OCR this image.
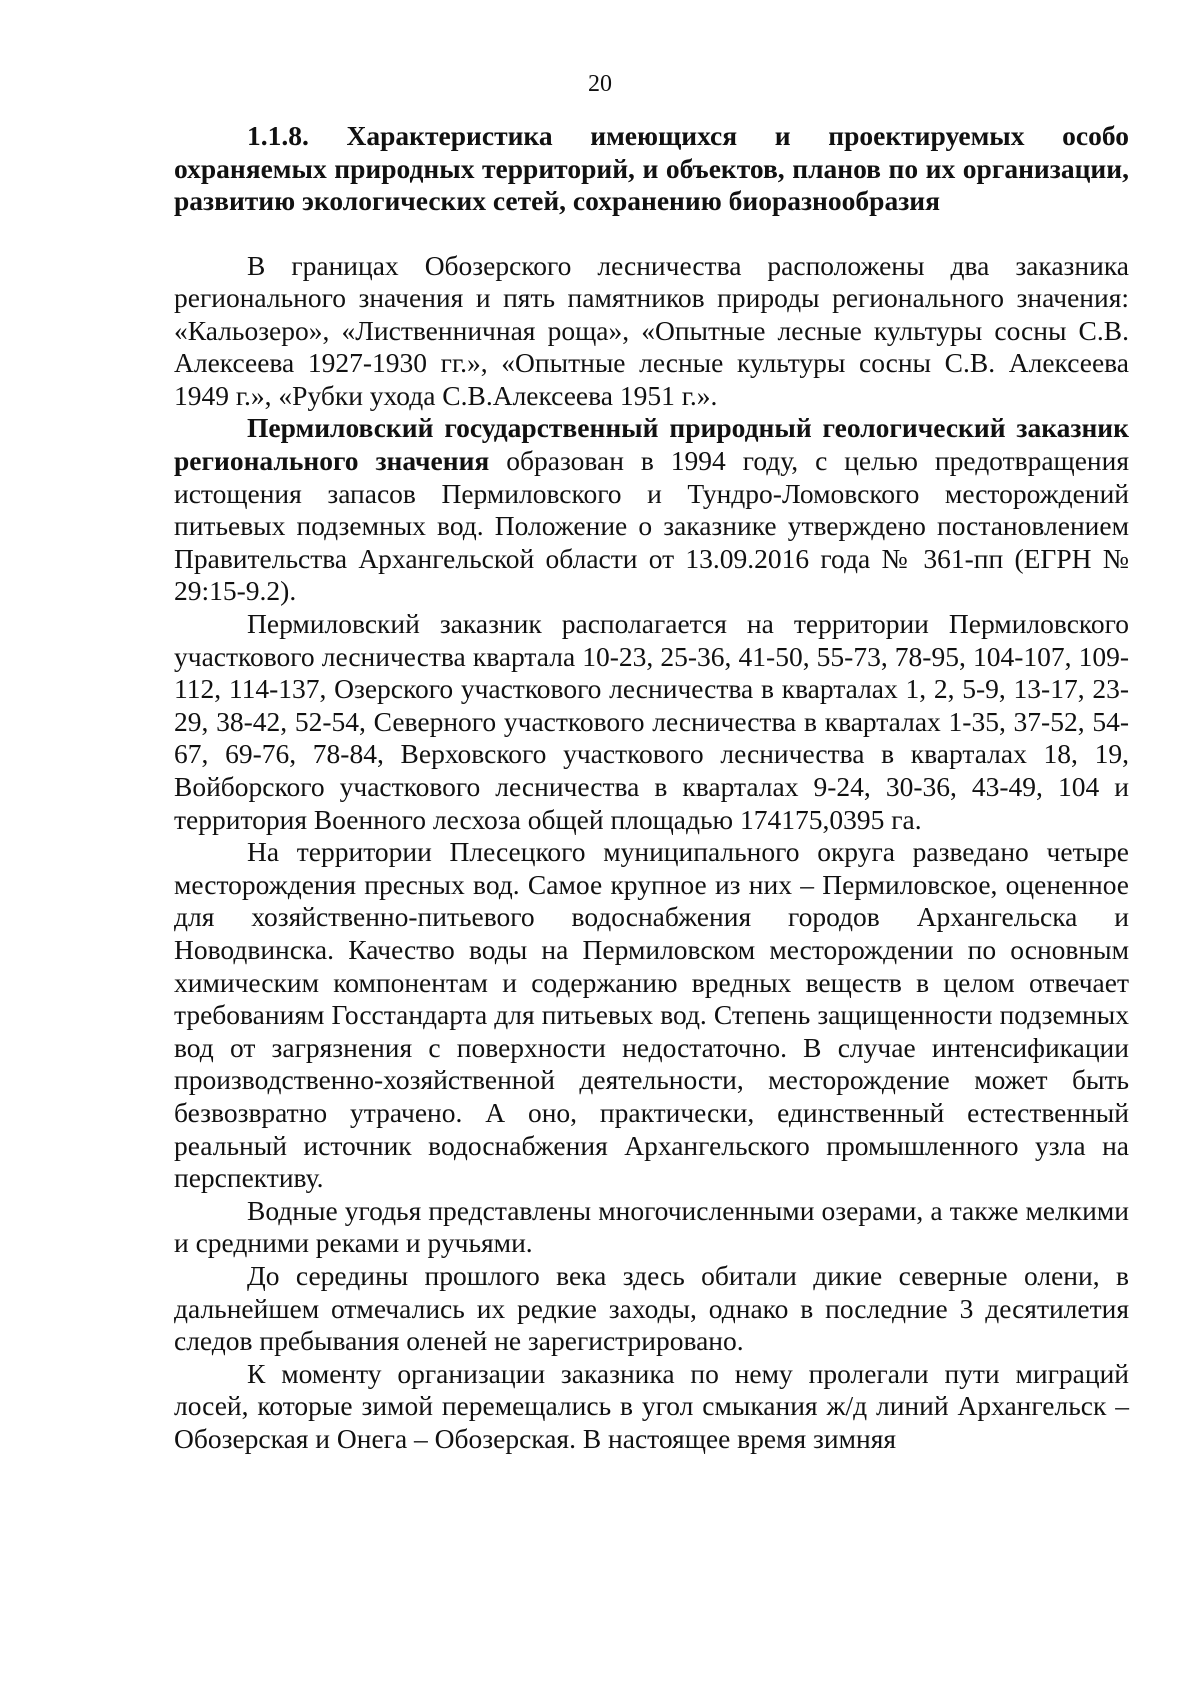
20

1.1.8. Характеристика имеющихся и проектируемых особо охраняемых природных территорий, и объектов, планов по их организации, развитию экологических сетей, сохранению биоразнообразия

В границах Обозерского лесничества расположены два заказника регионального значения и пять памятников природы регионального значения: «Кальозеро», «Лиственничная роща», «Опытные лесные культуры сосны С.В. Алексеева 1927-1930 гг.», «Опытные лесные культуры сосны С.В. Алексеева 1949 г.», «Рубки ухода С.В.Алексеева 1951 г.».

Пермиловский государственный природный геологический заказник регионального значения образован в 1994 году, с целью предотвращения истощения запасов Пермиловского и Тундро-Ломовского месторождений питьевых подземных вод. Положение о заказнике утверждено постановлением Правительства Архангельской области от 13.09.2016 года № 361-пп (ЕГРН № 29:15-9.2).

Пермиловский заказник располагается на территории Пермиловского участкового лесничества квартала 10-23, 25-36, 41-50, 55-73, 78-95, 104-107, 109-112, 114-137, Озерского участкового лесничества в кварталах 1, 2, 5-9, 13-17, 23-29, 38-42, 52-54, Северного участкового лесничества в кварталах 1-35, 37-52, 54-67, 69-76, 78-84, Верховского участкового лесничества в кварталах 18, 19, Войборского участкового лесничества в кварталах 9-24, 30-36, 43-49, 104 и территория Военного лесхоза общей площадью 174175,0395 га.

На территории Плесецкого муниципального округа разведано четыре месторождения пресных вод. Самое крупное из них – Пермиловское, оцененное для хозяйственно-питьевого водоснабжения городов Архангельска и Новодвинска. Качество воды на Пермиловском месторождении по основным химическим компонентам и содержанию вредных веществ в целом отвечает требованиям Госстандарта для питьевых вод. Степень защищенности подземных вод от загрязнения с поверхности недостаточно. В случае интенсификации производственно-хозяйственной деятельности, месторождение может быть безвозвратно утрачено. А оно, практически, единственный естественный реальный источник водоснабжения Архангельского промышленного узла на перспективу.

Водные угодья представлены многочисленными озерами, а также мелкими и средними реками и ручьями.

До середины прошлого века здесь обитали дикие северные олени, в дальнейшем отмечались их редкие заходы, однако в последние 3 десятилетия следов пребывания оленей не зарегистрировано.

К моменту организации заказника по нему пролегали пути миграций лосей, которые зимой перемещались в угол смыкания ж/д линий Архангельск – Обозерская и Онега – Обозерская. В настоящее время зимняя
